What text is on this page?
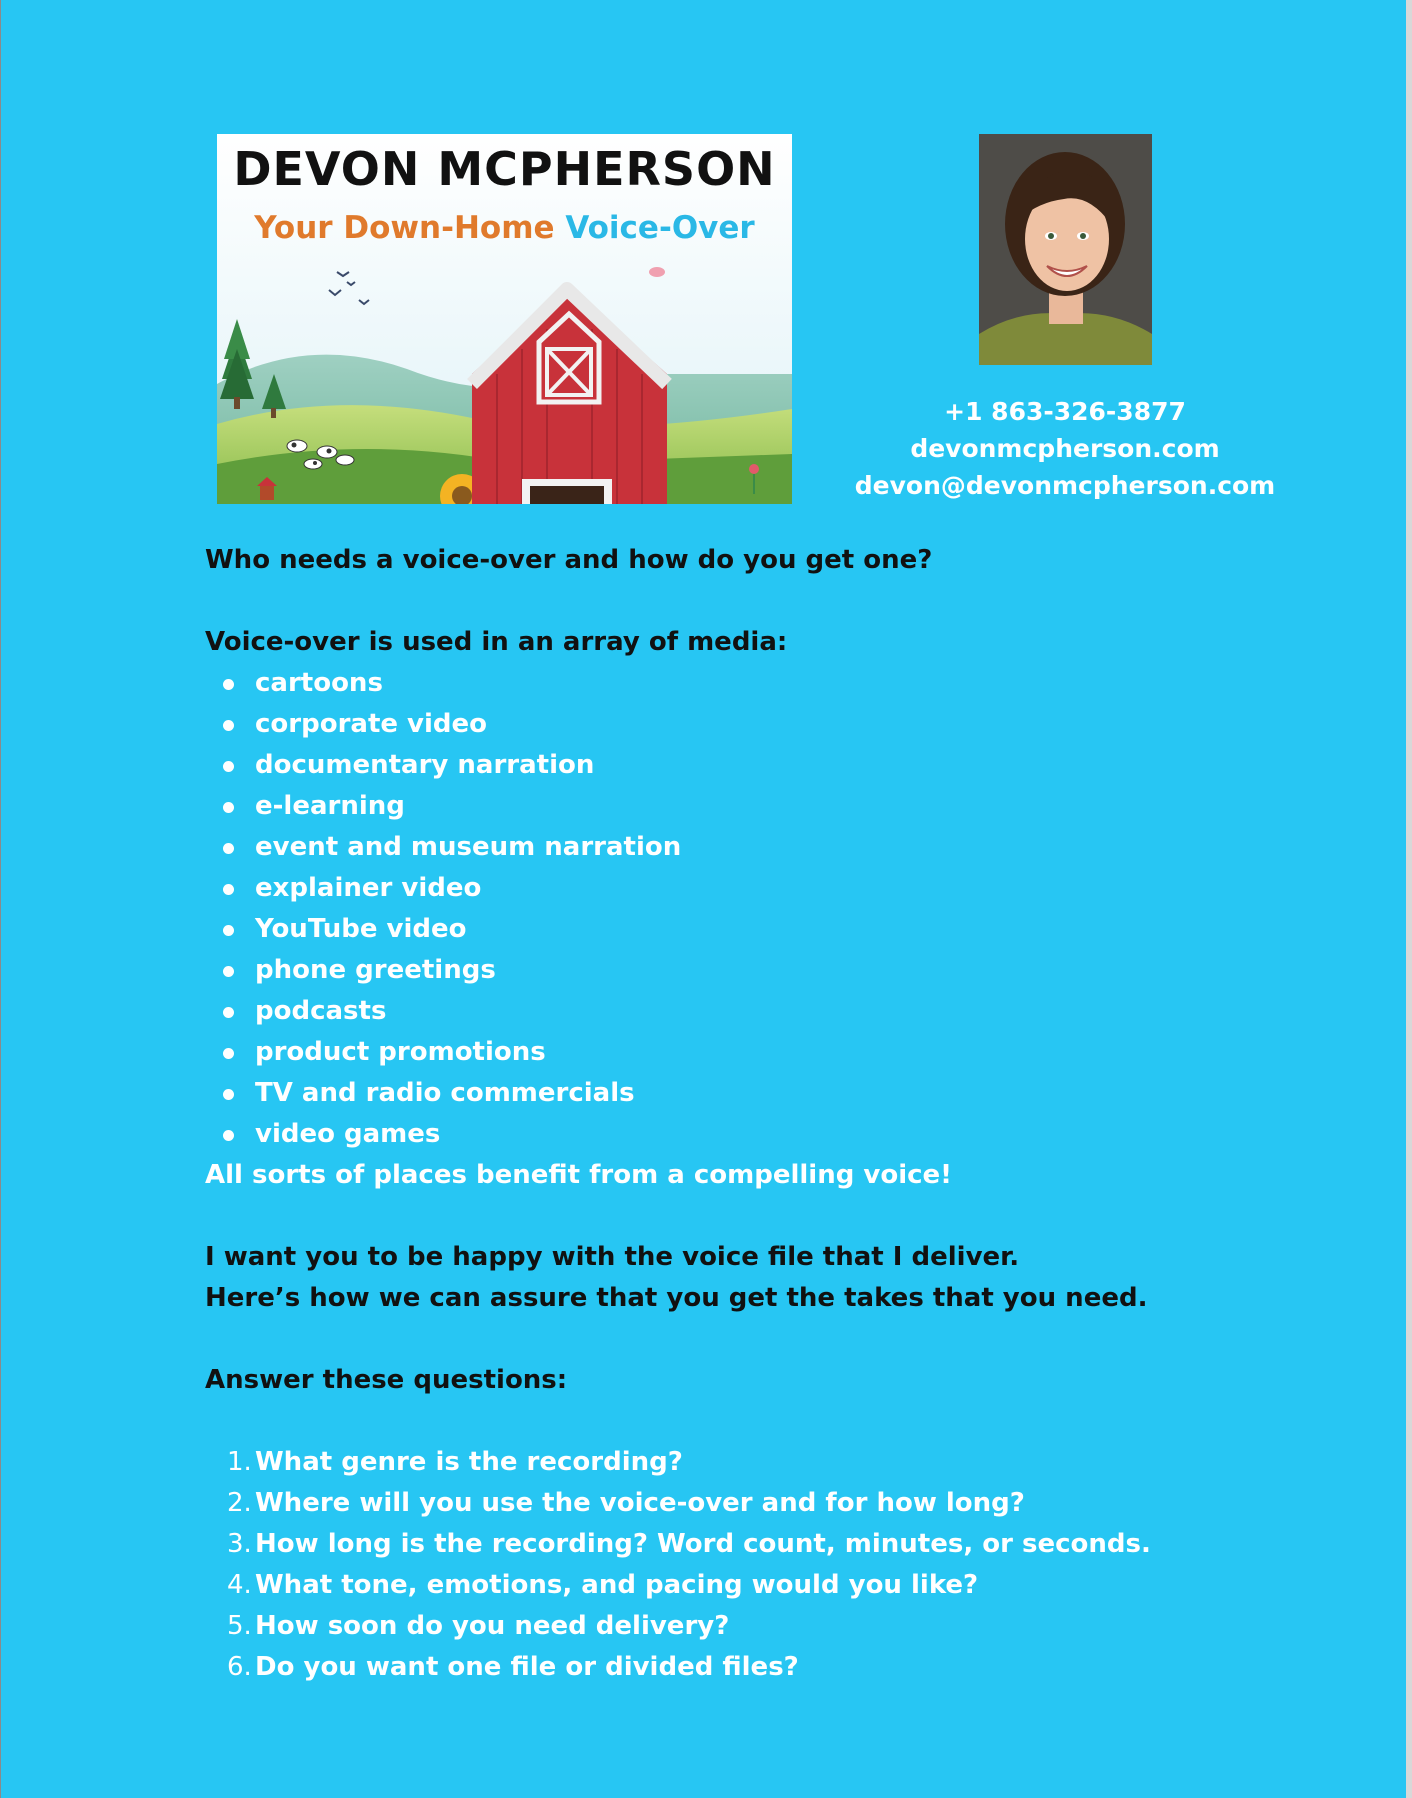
DEVON MCPHERSON
Your Down-Home Voice-Over
+1 863-326-3877
devonmcpherson.com
devon@devonmcpherson.com
Who needs a voice-over and how do you get one?
Voice-over is used in an array of media:
cartoons
corporate video
documentary narration
e-learning
event and museum narration
explainer video
YouTube video
phone greetings
podcasts
product promotions
TV and radio commercials
video games
All sorts of places benefit from a compelling voice!
I want you to be happy with the voice file that I deliver.
Here’s how we can assure that you get the takes that you need.
Answer these questions:
1. What genre is the recording?
2. Where will you use the voice-over and for how long?
3. How long is the recording? Word count, minutes, or seconds.
4. What tone, emotions, and pacing would you like?
5. How soon do you need delivery?
6. Do you want one file or divided files?
